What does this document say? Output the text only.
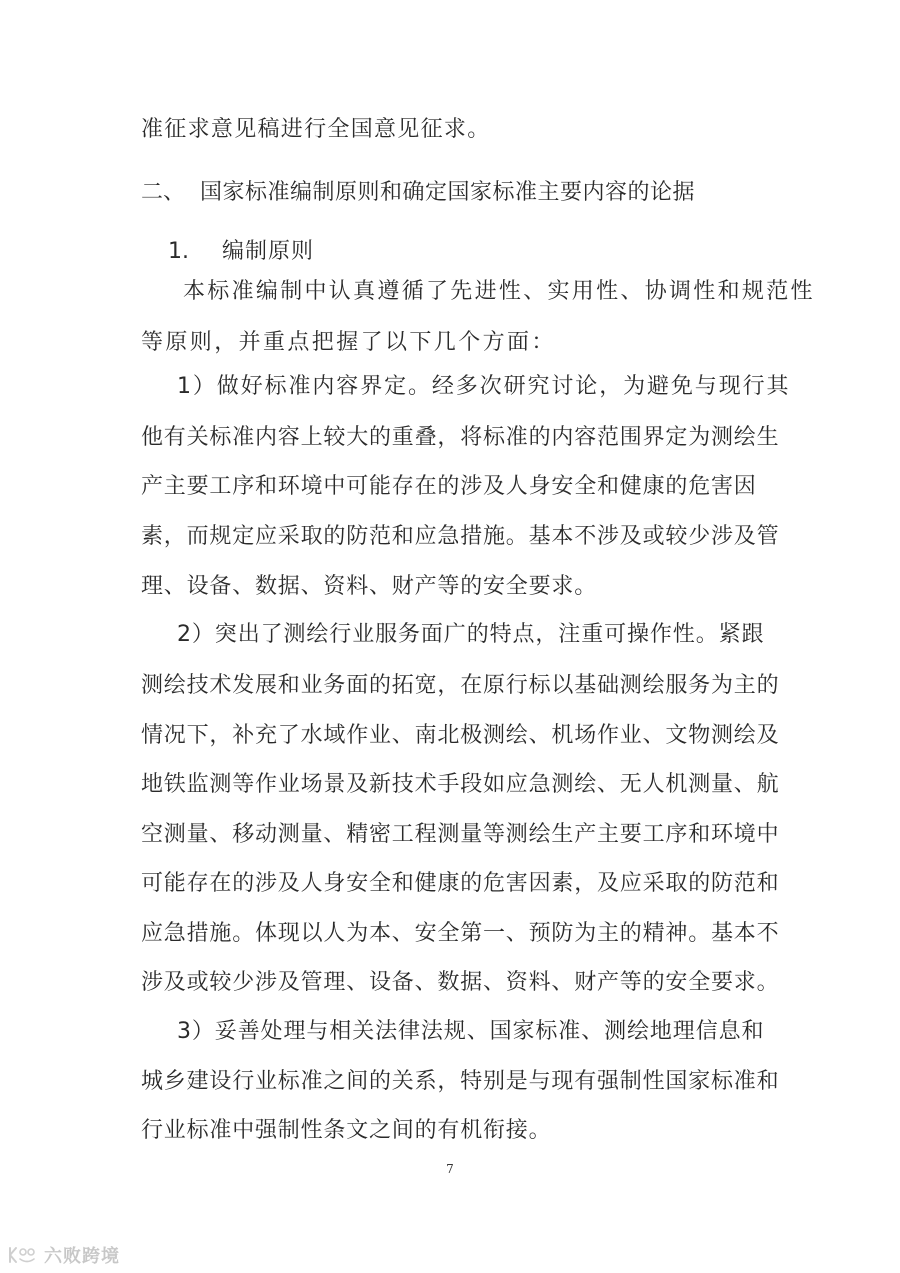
准征求意见稿进行全国意见征求。
二、 国家标准编制原则和确定国家标准主要内容的论据
1. 编制原则
本标准编制中认真遵循了先进性、实用性、协调性和规范性
等原则，并重点把握了以下几个方面：
1）做好标准内容界定。经多次研究讨论，为避免与现行其
他有关标准内容上较大的重叠，将标准的内容范围界定为测绘生
产主要工序和环境中可能存在的涉及人身安全和健康的危害因
素，而规定应采取的防范和应急措施。基本不涉及或较少涉及管
理、设备、数据、资料、财产等的安全要求。
2）突出了测绘行业服务面广的特点，注重可操作性。紧跟
测绘技术发展和业务面的拓宽，在原行标以基础测绘服务为主的
情况下，补充了水域作业、南北极测绘、机场作业、文物测绘及
地铁监测等作业场景及新技术手段如应急测绘、无人机测量、航
空测量、移动测量、精密工程测量等测绘生产主要工序和环境中
可能存在的涉及人身安全和健康的危害因素，及应采取的防范和
应急措施。体现以人为本、安全第一、预防为主的精神。基本不
涉及或较少涉及管理、设备、数据、资料、财产等的安全要求。
3）妥善处理与相关法律法规、国家标准、测绘地理信息和
城乡建设行业标准之间的关系，特别是与现有强制性国家标准和
行业标准中强制性条文之间的有机衔接。
7
六败跨境
